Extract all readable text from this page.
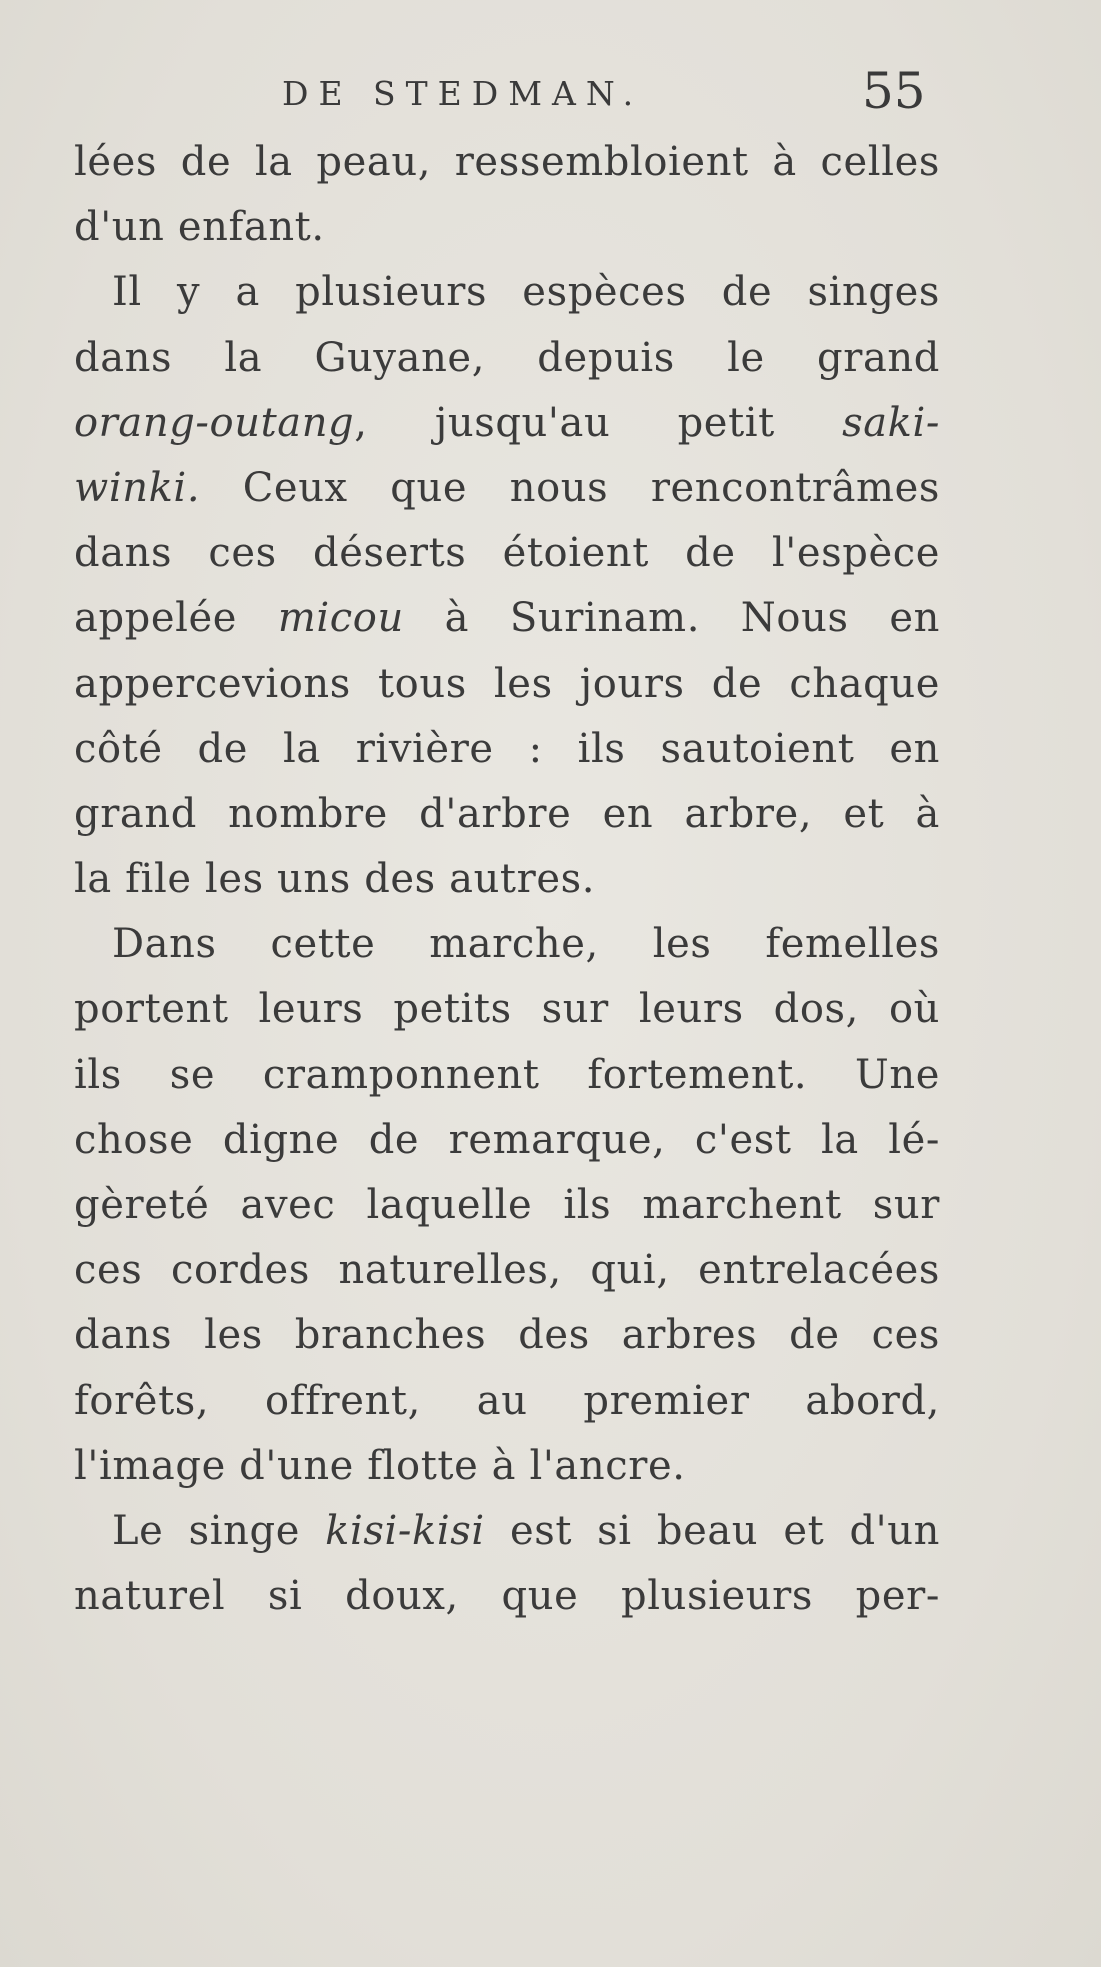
DE STEDMAN.	55
lées de la peau, ressembloient à celles
d'un enfant.
Il y a plusieurs espèces de singes
dans la Guyane, depuis le grand
orang-outang, jusqu'au petit saki-
winki. Ceux que nous rencontrâmes
dans ces déserts étoient de l'espèce
appelée micou à Surinam. Nous en
appercevions tous les jours de chaque
côté de la rivière : ils sautoient en
grand nombre d'arbre en arbre, et à
la file les uns des autres.
Dans cette marche, les femelles
portent leurs petits sur leurs dos, où
ils se cramponnent fortement. Une
chose digne de remarque, c'est la lé-
gèreté avec laquelle ils marchent sur
ces cordes naturelles, qui, entrelacées
dans les branches des arbres de ces
forêts, offrent, au premier abord,
l'image d'une flotte à l'ancre.
Le singe kisi-kisi est si beau et d'un
naturel si doux, que plusieurs per-
